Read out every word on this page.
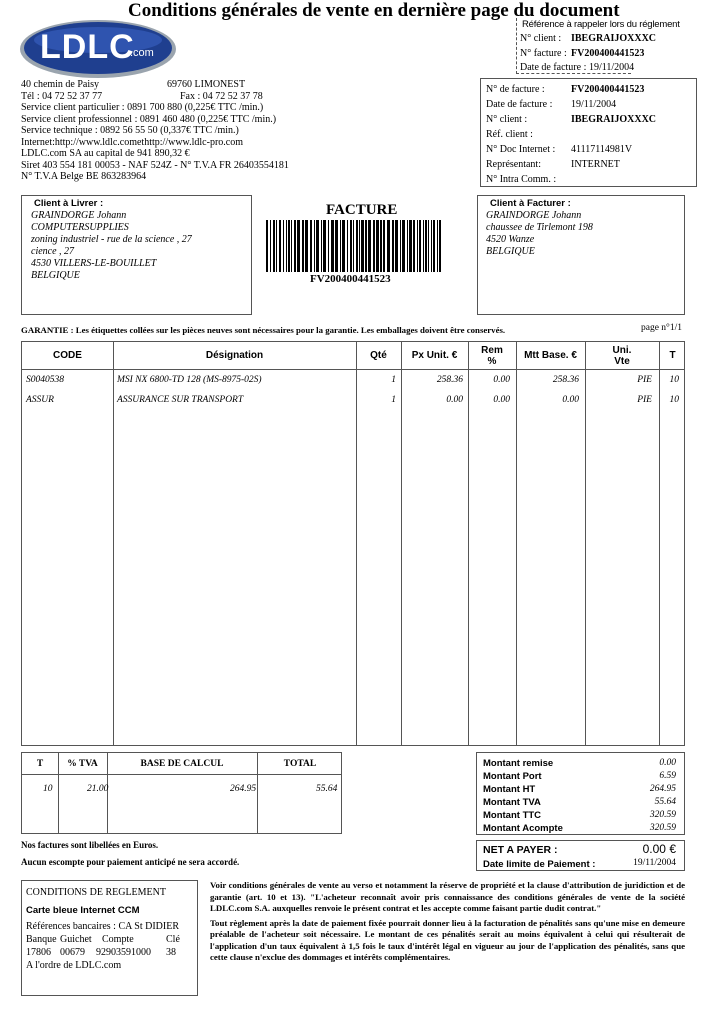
Conditions générales de vente en dernière page du document
LDLC
.com
Référence à rappeler lors du réglement
N° client : IBEGRAIJOXXXC
N° facture : FV200400441523
Date de facture : 19/11/2004
40 chemin de Paisy	69760 LIMONEST
Tél : 04 72 52 37 77	Fax : 04 72 52 37 78
Service client particulier : 0891 700 880 (0,225€ TTC /min.)
Service client professionnel : 0891 460 480 (0,225€ TTC /min.)
Service technique : 0892 56 55 50 (0,337€ TTC /min.)
Internet:http://www.ldlc.comethttp://www.ldlc-pro.com
LDLC.com SA au capital de 941 890,32 €
Siret 403 554 181 00053 - NAF 524Z - N° T.V.A FR 26403554181
N° T.V.A Belge BE 863283964
N° de facture :	FV200400441523
Date de facture : 19/11/2004
N° client :	IBEGRAIJOXXXC
Réf. client :
N° Doc Internet : 41117114981V
Représentant:	INTERNET
N° Intra Comm. :
Client à Livrer :
GRAINDORGE Johann
COMPUTERSUPPLIES
zoning industriel - rue de la science , 27
cience , 27
4530 VILLERS-LE-BOUILLET
BELGIQUE
FACTURE
FV200400441523
Client à Facturer :
GRAINDORGE Johann
chaussee de Tirlemont 198
4520 Wanze
BELGIQUE
GARANTIE : Les étiquettes collées sur les pièces neuves sont nécessaires pour la garantie. Les emballages doivent être conservés.	page n°1/1
CODE	Désignation	Qté	Px Unit. €	Rem
%	Mtt Base. €	Uni.
Vte	T
S0040538	MSI NX 6800-TD 128 (MS-8975-02S)	1	258.36	0.00	258.36	PIE 10
ASSUR	ASSURANCE SUR TRANSPORT	1	0.00	0.00	0.00	PIE 10
T	% TVA	BASE DE CALCUL	TOTAL
10	21.00	264.95	55.64
Montant remise	0.00
Montant Port	6.59
Montant HT	264.95
Montant TVA	55.64
Montant TTC	320.59
Montant Acompte	320.59
NET A PAYER :	0.00 €
Date limite de Paiement :	19/11/2004
Nos factures sont libellées en Euros.
Aucun escompte pour paiement anticipé ne sera accordé.
CONDITIONS DE REGLEMENT
Carte bleue Internet CCM
Références bancaires : CA St DIDIER
Banque Guichet Compte	Clé
17806 00679 92903591000 38
A l'ordre de LDLC.com
Voir conditions générales de vente au verso et notamment la réserve de propriété et la clause d'attribution de juridiction et de garantie (art. 10 et 13). "L'acheteur reconnaît avoir pris connaissance des conditions générales de vente de la société LDLC.com S.A. auxquelles renvoie le présent contrat et les accepte comme faisant partie dudit contrat."
Tout règlement après la date de paiement fixée pourrait donner lieu à la facturation de pénalités sans qu'une mise en demeure préalable de l'acheteur soit nécessaire. Le montant de ces pénalités serait au moins équivalent à celui qui résulterait de l'application d'un taux équivalent à 1,5 fois le taux d'intérêt légal en vigueur au jour de l'application des pénalités, sans que cette clause n'exclue des dommages et intérêts complémentaires.
